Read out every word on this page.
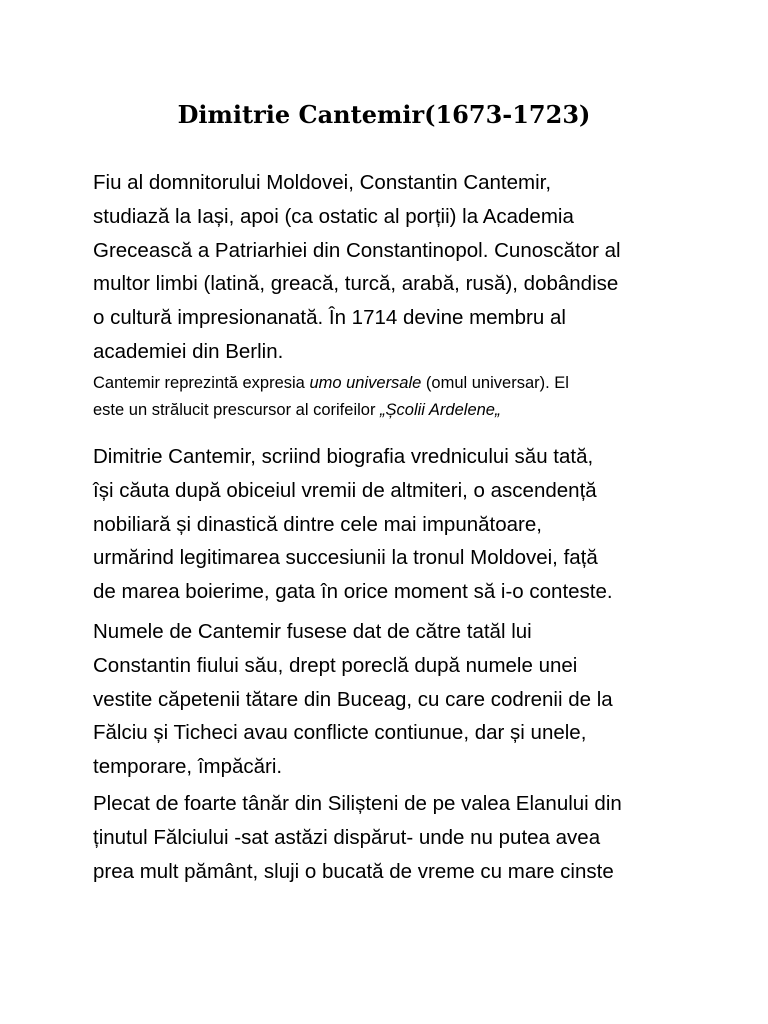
Dimitrie Cantemir(1673-1723)

Fiu al domnitorului Moldovei, Constantin Cantemir,
studiază la Iași, apoi (ca ostatic al porții) la Academia
Grecească a Patriarhiei din Constantinopol. Cunoscător al
multor limbi (latină, greacă, turcă, arabă, rusă), dobândise
o cultură impresionanată. În 1714 devine membru al
academiei din Berlin.

Cantemir reprezintă expresia umo universale (omul universar). El
este un strălucit prescursor al corifeilor „Școlii Ardelene„

Dimitrie Cantemir, scriind biografia vrednicului său tată,
își căuta după obiceiul vremii de altmiteri, o ascendență
nobiliară și dinastică dintre cele mai impunătoare,
urmărind legitimarea succesiunii la tronul Moldovei, față
de marea boierime, gata în orice moment să i-o conteste.

Numele de Cantemir fusese dat de către tatăl lui
Constantin fiului său, drept poreclă după numele unei
vestite căpetenii tătare din Buceag, cu care codrenii de la
Fălciu și Ticheci avau conflicte contiunue, dar și unele,
temporare, împăcări.

Plecat de foarte tânăr din Silișteni de pe valea Elanului din
ținutul Fălciului -sat astăzi dispărut- unde nu putea avea
prea mult pământ, sluji o bucată de vreme cu mare cinste
